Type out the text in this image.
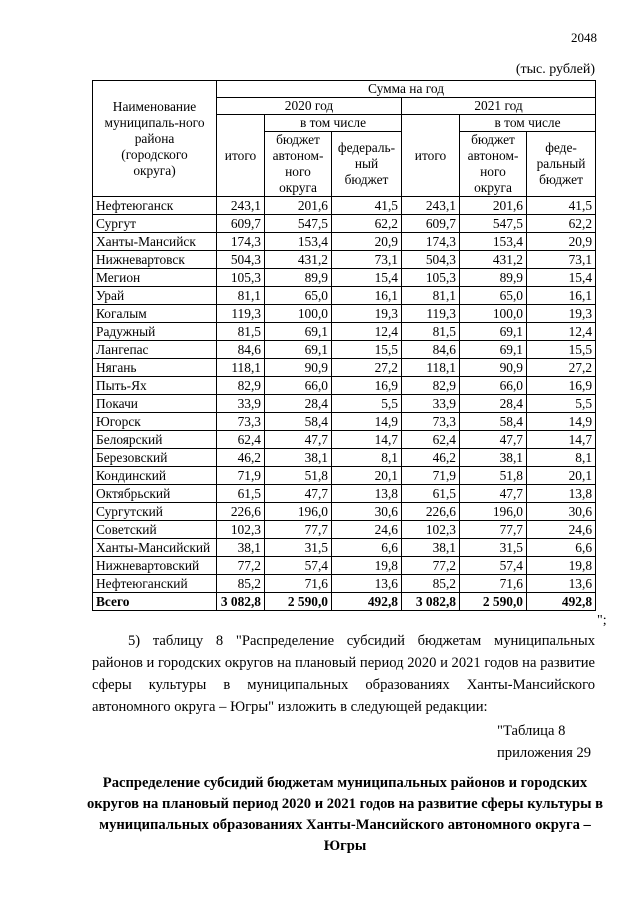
2048
(тыс. рублей)
Наименование муниципаль-ного района (городского округа)	Сумма на год					
	2020 год			2021 год		
	итого	в том числе		итого	в том числе	
		бюджет автоном-ного округа	федераль-ный бюджет		бюджет автоном-ного округа	феде-ральный бюджет
Нефтеюганск	243,1	201,6	41,5	243,1	201,6	41,5
Сургут	609,7	547,5	62,2	609,7	547,5	62,2
Ханты-Мансийск	174,3	153,4	20,9	174,3	153,4	20,9
Нижневартовск	504,3	431,2	73,1	504,3	431,2	73,1
Мегион	105,3	89,9	15,4	105,3	89,9	15,4
Урай	81,1	65,0	16,1	81,1	65,0	16,1
Когалым	119,3	100,0	19,3	119,3	100,0	19,3
Радужный	81,5	69,1	12,4	81,5	69,1	12,4
Лангепас	84,6	69,1	15,5	84,6	69,1	15,5
Нягань	118,1	90,9	27,2	118,1	90,9	27,2
Пыть-Ях	82,9	66,0	16,9	82,9	66,0	16,9
Покачи	33,9	28,4	5,5	33,9	28,4	5,5
Югорск	73,3	58,4	14,9	73,3	58,4	14,9
Белоярский	62,4	47,7	14,7	62,4	47,7	14,7
Березовский	46,2	38,1	8,1	46,2	38,1	8,1
Кондинский	71,9	51,8	20,1	71,9	51,8	20,1
Октябрьский	61,5	47,7	13,8	61,5	47,7	13,8
Сургутский	226,6	196,0	30,6	226,6	196,0	30,6
Советский	102,3	77,7	24,6	102,3	77,7	24,6
Ханты-Мансийский	38,1	31,5	6,6	38,1	31,5	6,6
Нижневартовский	77,2	57,4	19,8	77,2	57,4	19,8
Нефтеюганский	85,2	71,6	13,6	85,2	71,6	13,6
Всего	3 082,8	2 590,0	492,8	3 082,8	2 590,0	492,8
";

5) таблицу 8 "Распределение субсидий бюджетам муниципальных районов и городских округов на плановый период 2020 и 2021 годов на развитие сферы культуры в муниципальных образованиях Ханты-Мансийского автономного округа – Югры" изложить в следующей редакции:

"Таблица 8
приложения 29
Распределение субсидий бюджетам муниципальных районов и городских округов на плановый период 2020 и 2021 годов на развитие сферы культуры в муниципальных образованиях Ханты-Мансийского автономного округа – Югры
